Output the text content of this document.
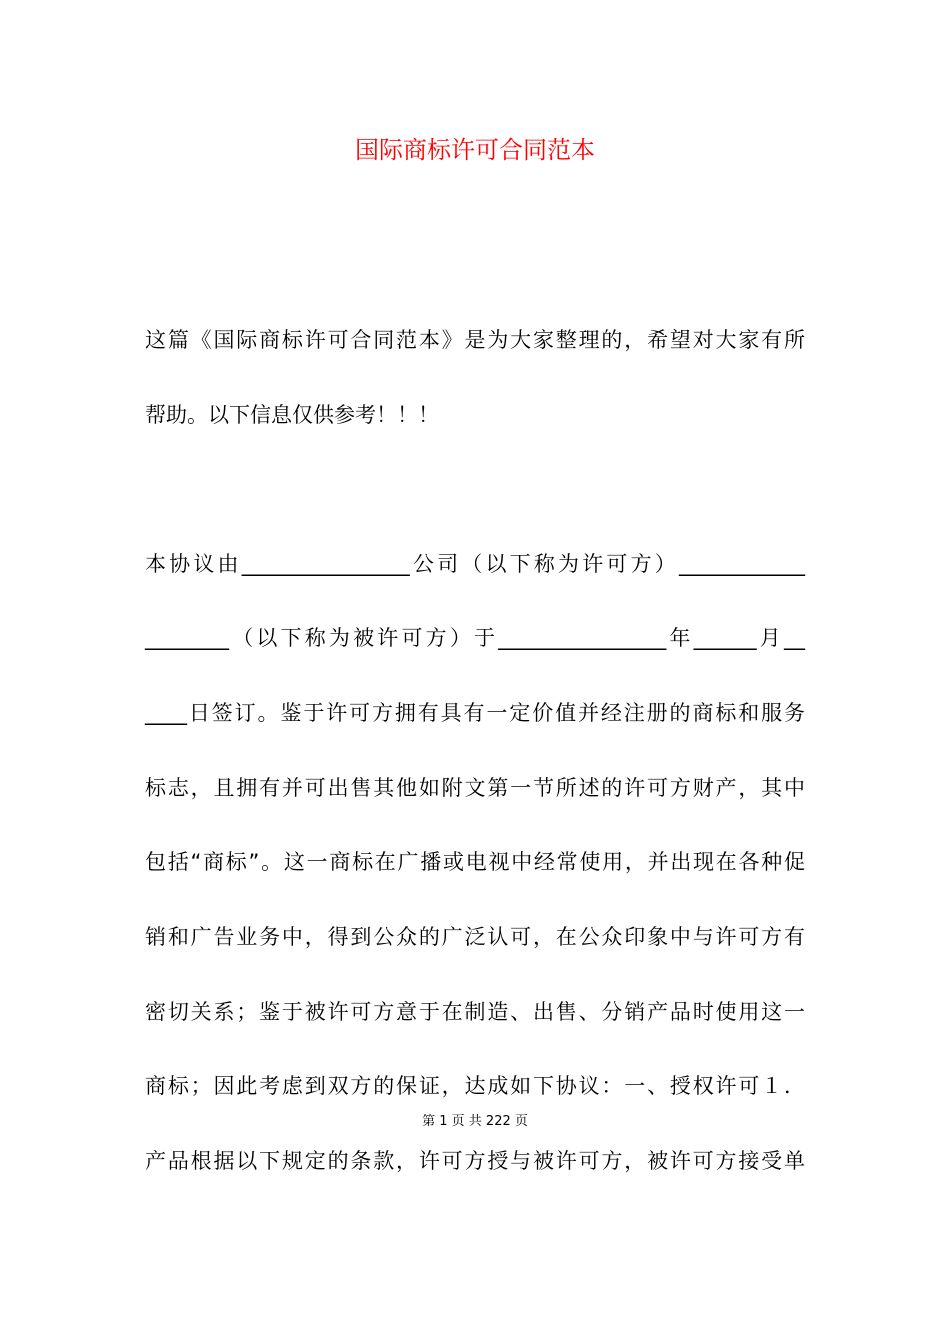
国际商标许可合同范本
这篇《国际商标许可合同范本》是为大家整理的，希望对大家有所
帮助。以下信息仅供参考！！！
本协议由________________公司（以下称为许可方）____________
________（以下称为被许可方）于________________年______月__
____日签订。鉴于许可方拥有具有一定价值并经注册的商标和服务
标志，且拥有并可出售其他如附文第一节所述的许可方财产，其中
包括“商标”。这一商标在广播或电视中经常使用，并出现在各种促
销和广告业务中，得到公众的广泛认可，在公众印象中与许可方有
密切关系；鉴于被许可方意于在制造、出售、分销产品时使用这一
商标；因此考虑到双方的保证，达成如下协议：一、授权许可１．
第 1 页 共 222 页
产品根据以下规定的条款，许可方授与被许可方，被许可方接受单
